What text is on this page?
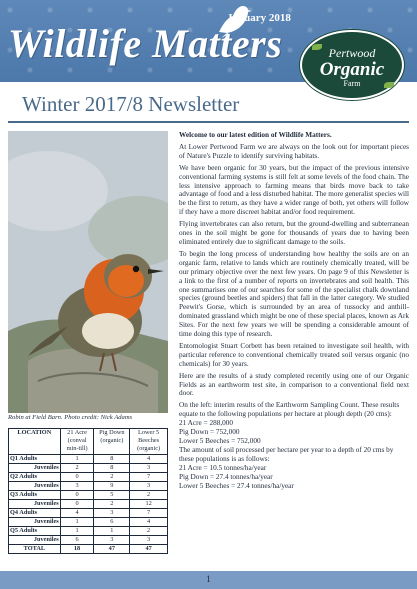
January 2018
Wildlife Matters	Pertwood
Organic
Farm
Winter 2017/8 Newsletter
Robin at Field Barn. Photo credit: Nick Adams
LOCATION	21 Acre (conval min-till)	Pig Down (organic)	Lower 5 Beeches (organic)
Q1 Adults	1	8	4
Juveniles	2	8	3
Q2 Adults	0	2	7
Juveniles	3	9	3
Q3 Adults	0	5	2
Juveniles	0	2	12
Q4 Adults	4	3	7
Juveniles	1	6	4
Q5 Adults	1	1	2
Juveniles	6	3	3
TOTAL	18	47	47

Welcome to our latest edition of Wildlife Matters.

At Lower Pertwood Farm we are always on the look out for important pieces of Nature's Puzzle to identify surviving habitats.

We have been organic for 30 years, but the impact of the previous intensive conventional farming systems is still felt at some levels of the food chain. The less intensive approach to farming means that birds move back to take advantage of food and a less disturbed habitat. The more generalist species will be the first to return, as they have a wider range of both, yet others will follow if they have a more discreet habitat and/or food requirement.

Flying invertebrates can also return, but the ground-dwelling and subterranean ones in the soil might be gone for thousands of years due to having been eliminated entirely due to significant damage to the soils.

To begin the long process of understanding how healthy the soils are on an organic farm, relative to lands which are routinely chemically treated, will be our primary objective over the next few years. On page 9 of this Newsletter is a link to the first of a number of reports on invertebrates and soil health. This one summarises one of our searches for some of the specialist chalk downland species (ground beetles and spiders) that fall in the latter category. We studied Peewit's Gorse, which is surrounded by an area of tussocky and anthill-dominated grassland which might be one of these special places, known as Ark Sites. For the next few years we will be spending a considerable amount of time doing this type of research.

Entomologist Stuart Corbett has been retained to investigate soil health, with particular reference to conventional chemically treated soil versus organic (no chemicals) for 30 years.

Here are the results of a study completed recently using one of our Organic Fields as an earthworm test site, in comparison to a conventional field next door.

On the left: interim results of the Earthworm Sampling Count. These results equate to the following populations per hectare at plough depth (20 cms):

21 Acre = 288,000

Pig Down = 752,000

Lower 5 Beeches = 752,000

The amount of soil processed per hectare per year to a depth of 20 cms by these populations is as follows:

21 Acre = 10.5 tonnes/ha/year

Pig Down = 27.4 tonnes/ha/year

Lower 5 Beeches = 27.4 tonnes/ha/year

1
